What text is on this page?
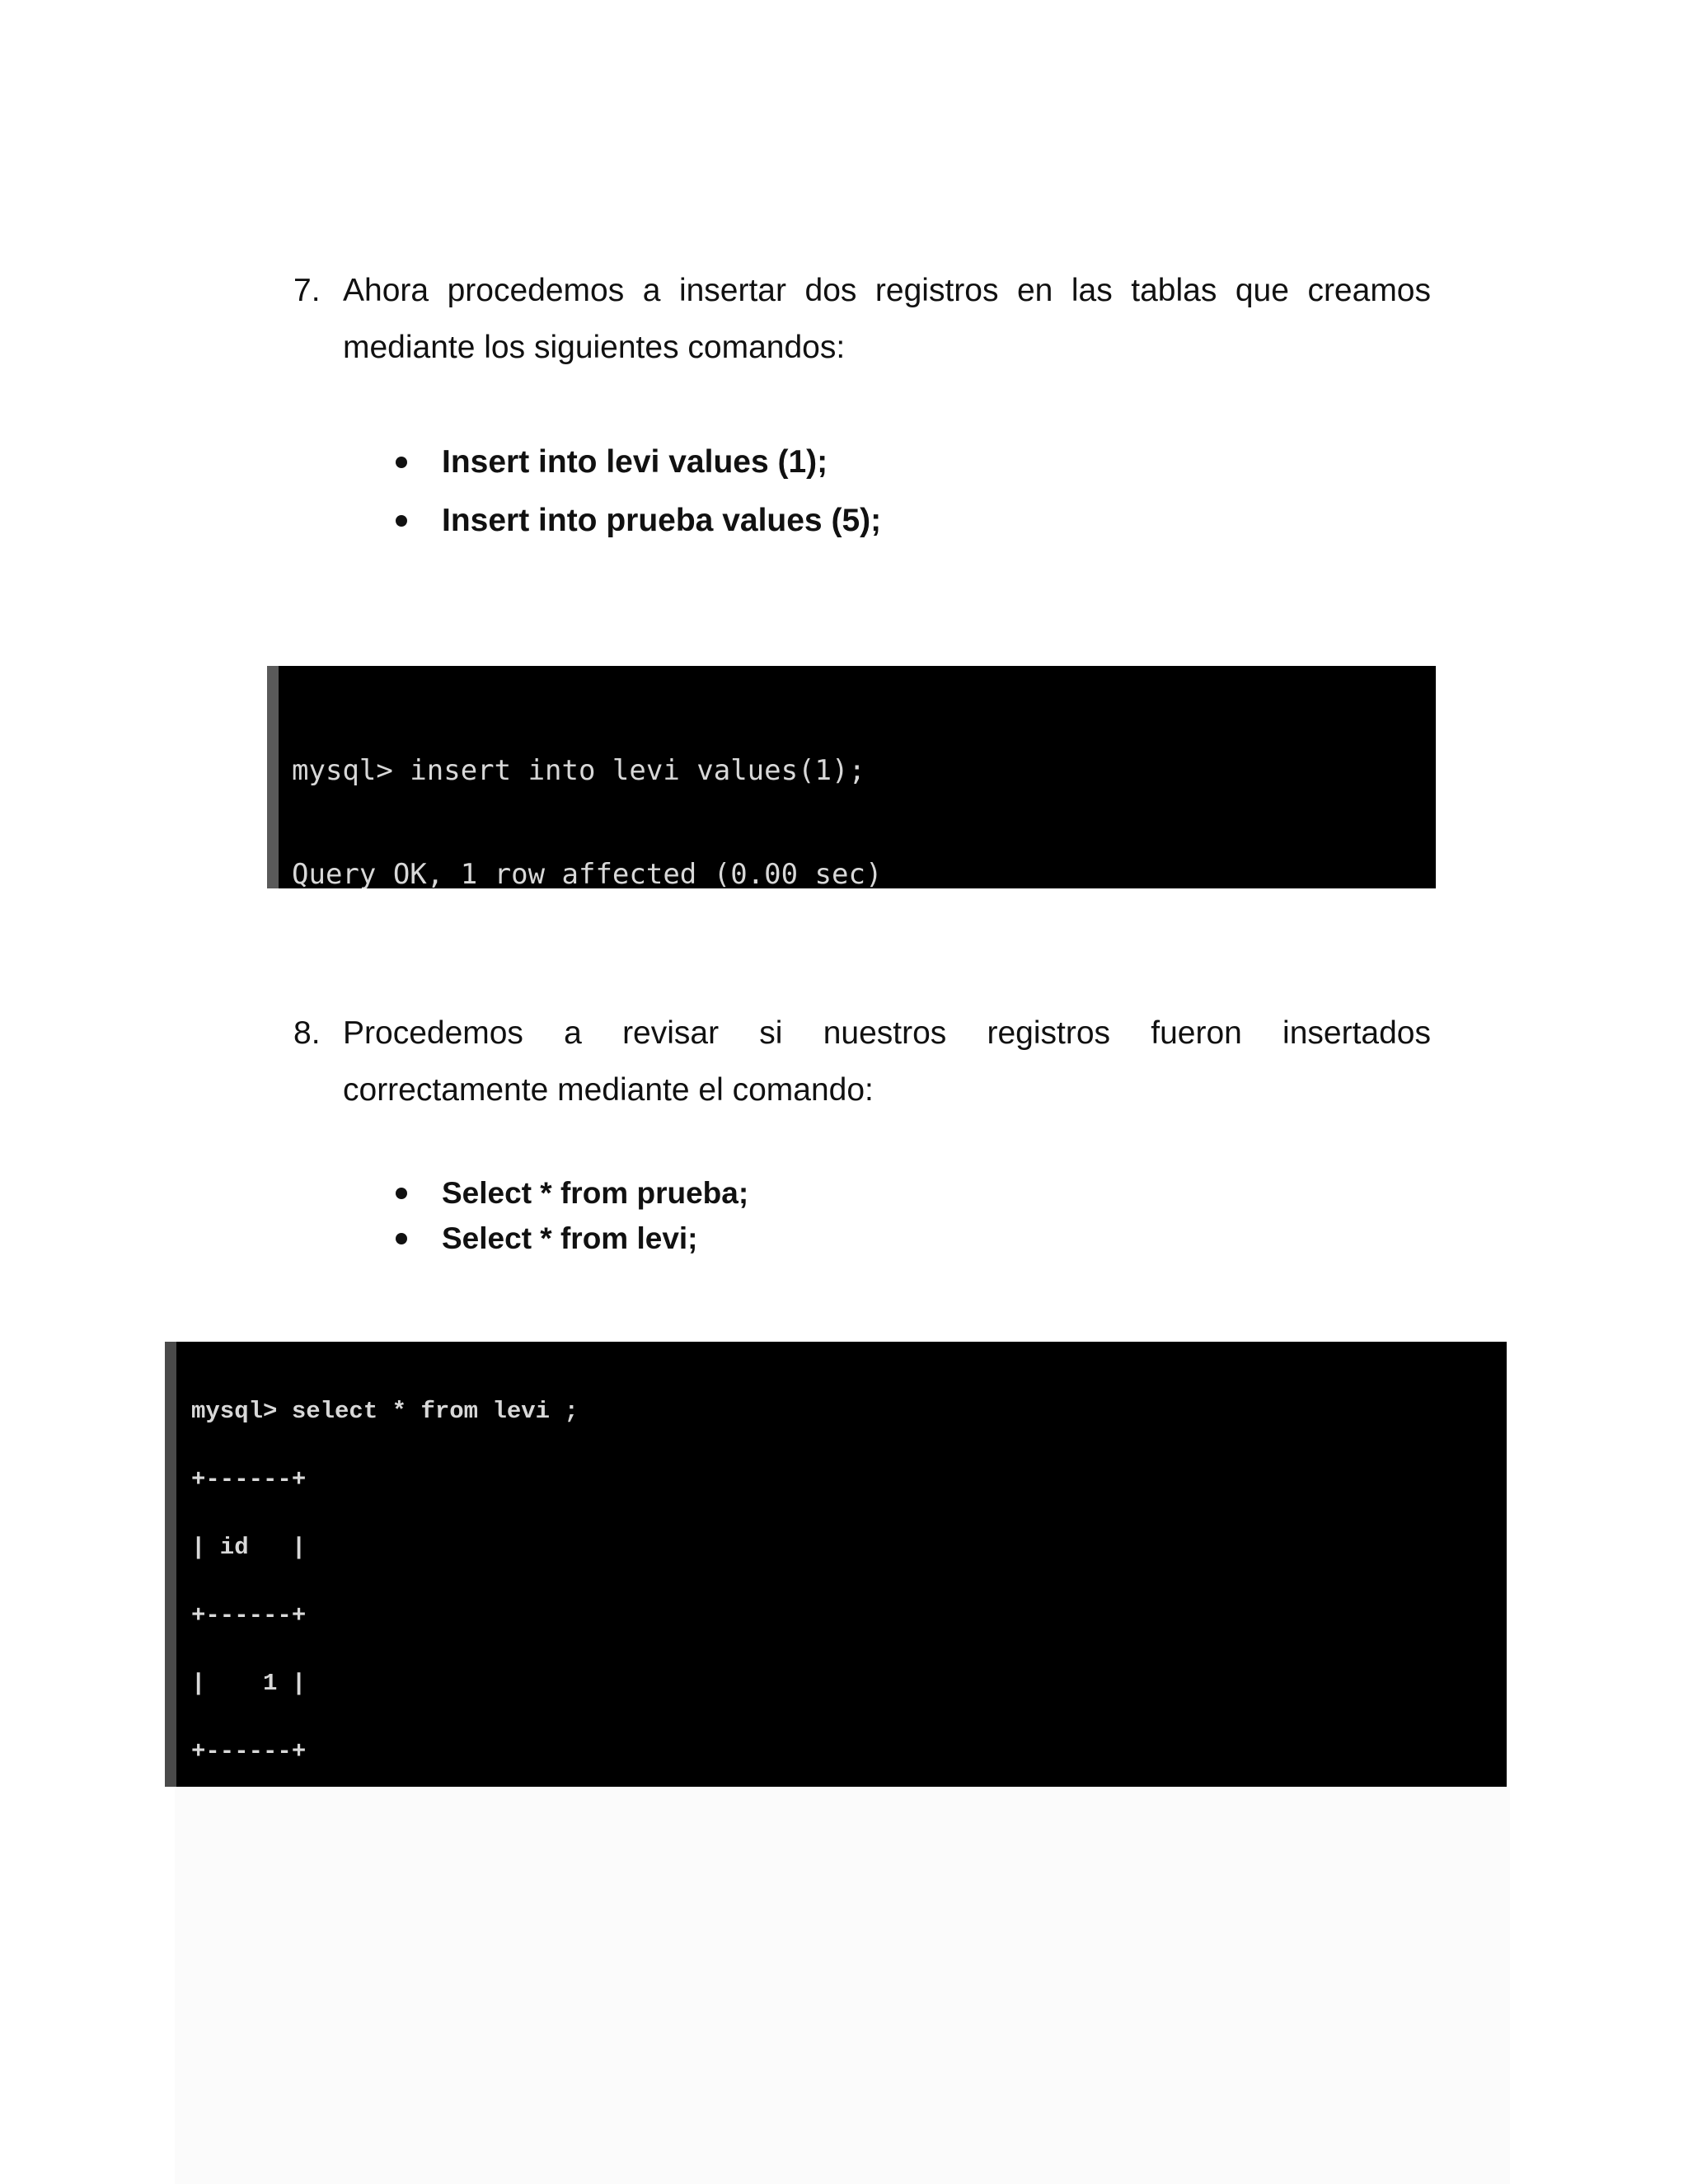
7. Ahora procedemos a insertar dos registros en las tablas que creamos mediante los siguientes comandos:
Insert into levi values (1);
Insert into prueba values (5);

mysql> insert into levi values(1);

Query OK, 1 row affected (0.00 sec)

8. Procedemos a revisar si nuestros registros fueron insertados
correctamente mediante el comando:
Select * from prueba;
Select * from levi;

mysql> select * from levi ;

+------+

| id   |

+------+

|    1 |

+------+
